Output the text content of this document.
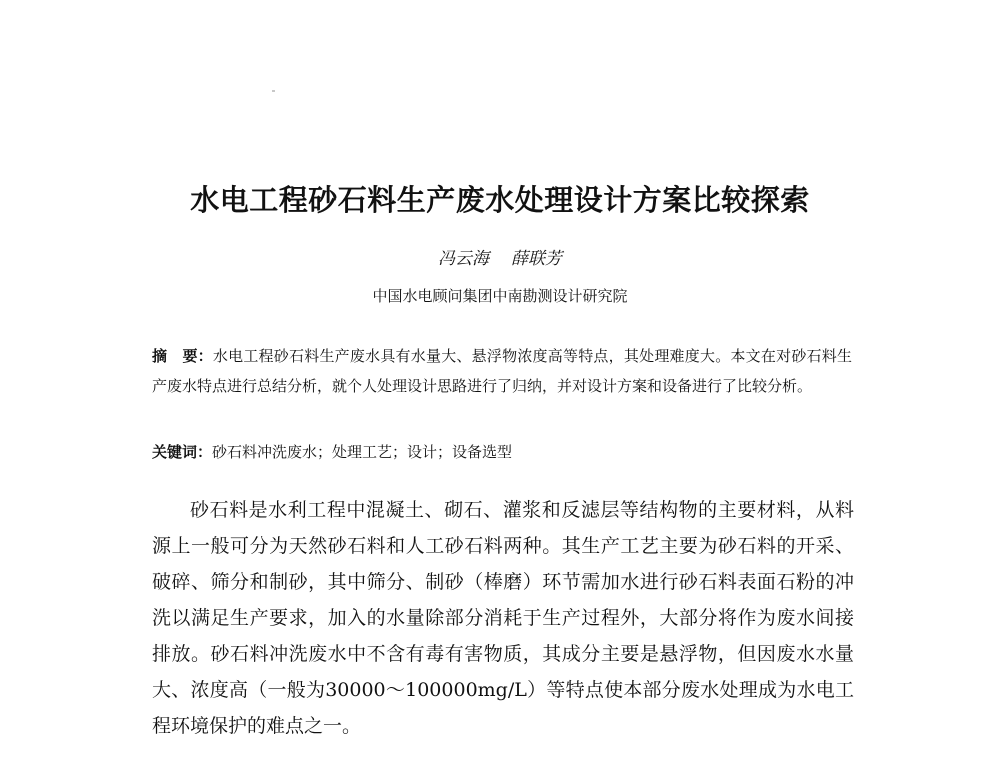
水电工程砂石料生产废水处理设计方案比较探索
冯云海 薛联芳
中国水电顾问集团中南勘测设计研究院
摘　要：水电工程砂石料生产废水具有水量大、悬浮物浓度高等特点，其处理难度大。本文在对砂石料生产废水特点进行总结分析，就个人处理设计思路进行了归纳，并对设计方案和设备进行了比较分析。
关键词：砂石料冲洗废水；处理工艺；设计；设备选型

砂石料是水利工程中混凝土、砌石、灌浆和反滤层等结构物的主要材料，从料源上一般可分为天然砂石料和人工砂石料两种。其生产工艺主要为砂石料的开采、破碎、筛分和制砂，其中筛分、制砂（棒磨）环节需加水进行砂石料表面石粉的冲洗以满足生产要求，加入的水量除部分消耗于生产过程外，大部分将作为废水间接排放。砂石料冲洗废水中不含有毒有害物质，其成分主要是悬浮物，但因废水水量大、浓度高（一般为30000～100000mg/L）等特点使本部分废水处理成为水电工程环境保护的难点之一。
